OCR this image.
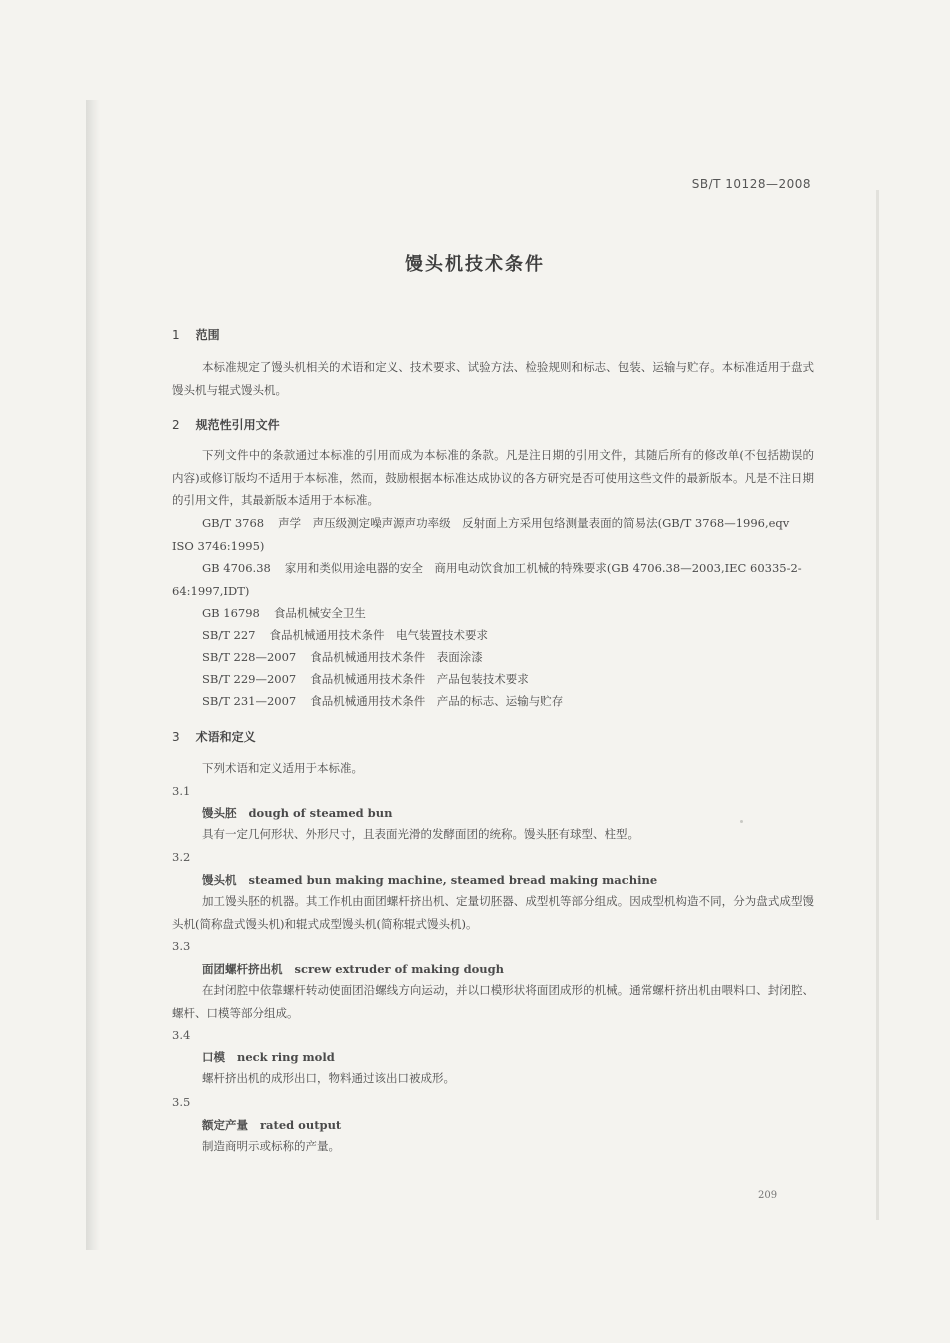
SB/T 10128—2008
馒头机技术条件
1 范围
本标准规定了馒头机相关的术语和定义、技术要求、试验方法、检验规则和标志、包装、运输与贮存。本标准适用于盘式馒头机与辊式馒头机。
2 规范性引用文件
下列文件中的条款通过本标准的引用而成为本标准的条款。凡是注日期的引用文件，其随后所有的修改单(不包括勘误的内容)或修订版均不适用于本标准，然而，鼓励根据本标准达成协议的各方研究是否可使用这些文件的最新版本。凡是不注日期的引用文件，其最新版本适用于本标准。
GB/T 3768 声学　声压级测定噪声源声功率级　反射面上方采用包络测量表面的简易法(GB/T 3768—1996,eqv ISO 3746:1995)
GB 4706.38 家用和类似用途电器的安全　商用电动饮食加工机械的特殊要求(GB 4706.38—2003,IEC 60335-2-64:1997,IDT)
GB 16798 食品机械安全卫生
SB/T 227 食品机械通用技术条件　电气装置技术要求
SB/T 228—2007 食品机械通用技术条件　表面涂漆
SB/T 229—2007 食品机械通用技术条件　产品包装技术要求
SB/T 231—2007 食品机械通用技术条件　产品的标志、运输与贮存
3 术语和定义
下列术语和定义适用于本标准。
3.1
馒头胚 dough of steamed bun
具有一定几何形状、外形尺寸，且表面光滑的发酵面团的统称。馒头胚有球型、柱型。
3.2
馒头机 steamed bun making machine, steamed bread making machine
加工馒头胚的机器。其工作机由面团螺杆挤出机、定量切胚器、成型机等部分组成。因成型机构造不同，分为盘式成型馒头机(简称盘式馒头机)和辊式成型馒头机(简称辊式馒头机)。
3.3
面团螺杆挤出机 screw extruder of making dough
在封闭腔中依靠螺杆转动使面团沿螺线方向运动，并以口模形状将面团成形的机械。通常螺杆挤出机由喂料口、封闭腔、螺杆、口模等部分组成。
3.4
口模 neck ring mold
螺杆挤出机的成形出口，物料通过该出口被成形。
3.5
额定产量 rated output
制造商明示或标称的产量。
209
